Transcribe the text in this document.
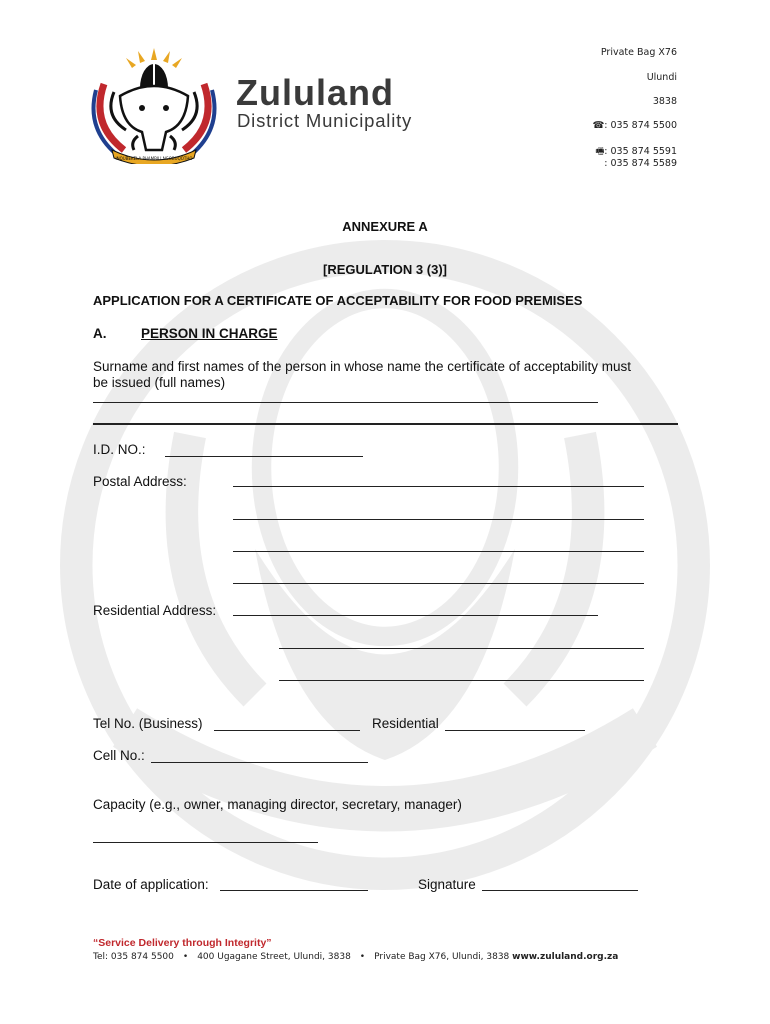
INQUBEKELA PHAMBILI NGOBUQOTHO
Zululand
District Municipality
Private Bag X76
Ulundi
3838
☎: 035 874 5500
🖷: 035 874 5591
: 035 874 5589
ANNEXURE A
[REGULATION 3 (3)]
APPLICATION FOR A CERTIFICATE OF ACCEPTABILITY FOR FOOD PREMISES
A.	PERSON IN CHARGE
Surname and first names of the person in whose name the certificate of acceptability must
be issued (full names)
I.D. NO.:
Postal Address:
Residential Address:
Tel No. (Business)	Residential
Cell No.:
Capacity (e.g., owner, managing director, secretary, manager)
Date of application:	Signature
“Service Delivery through Integrity”
Tel: 035 874 5500 • 400 Ugagane Street, Ulundi, 3838 • Private Bag X76, Ulundi, 3838 www.zululand.org.za
